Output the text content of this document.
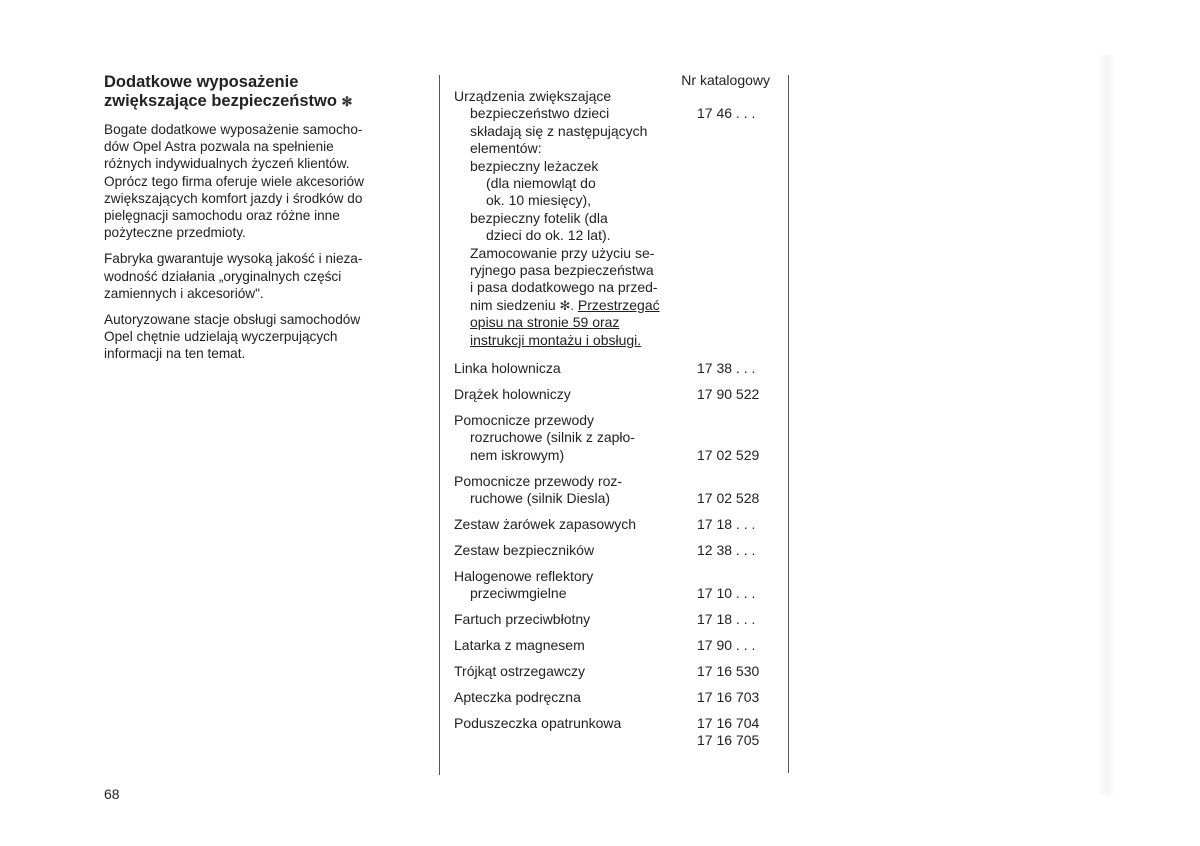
Dodatkowe wyposażenie
zwiększające bezpieczeństwo ✻
Bogate dodatkowe wyposażenie samocho-
dów Opel Astra pozwala na spełnienie
różnych indywidualnych życzeń klientów.
Oprócz tego firma oferuje wiele akcesoriów
zwiększających komfort jazdy i środków do
pielęgnacji samochodu oraz różne inne
pożyteczne przedmioty.
Fabryka gwarantuje wysoką jakość i nieza-
wodność działania „oryginalnych części
zamiennych i akcesoriów".
Autoryzowane stacje obsługi samochodów
Opel chętnie udzielają wyczerpujących
informacji na ten temat.
Nr katalogowy
Urządzenia zwiększające
bezpieczeństwo dzieci
składają się z następujących
elementów:
bezpieczny leżaczek
(dla niemowląt do
ok. 10 miesięcy),
bezpieczny fotelik (dla
dzieci do ok. 12 lat).
Zamocowanie przy użyciu se-
ryjnego pasa bezpieczeństwa
i pasa dodatkowego na przed-
nim siedzeniu ✻. Przestrzegać
opisu na stronie 59 oraz
instrukcji montażu i obsługi.
17 46 . . .
Linka holownicza	17 38 . . .
Drążek holowniczy	17 90 522
Pomocnicze przewody
rozruchowe (silnik z zapło-
nem iskrowym)	17 02 529
Pomocnicze przewody roz-
ruchowe (silnik Diesla)	17 02 528
Zestaw żarówek zapasowych	17 18 . . .
Zestaw bezpieczników	12 38 . . .
Halogenowe reflektory
przeciwmgielne	17 10 . . .
Fartuch przeciwbłotny	17 18 . . .
Latarka z magnesem	17 90 . . .
Trójkąt ostrzegawczy	17 16 530
Apteczka podręczna	17 16 703
Poduszeczka opatrunkowa	17 16 704
17 16 705
68
